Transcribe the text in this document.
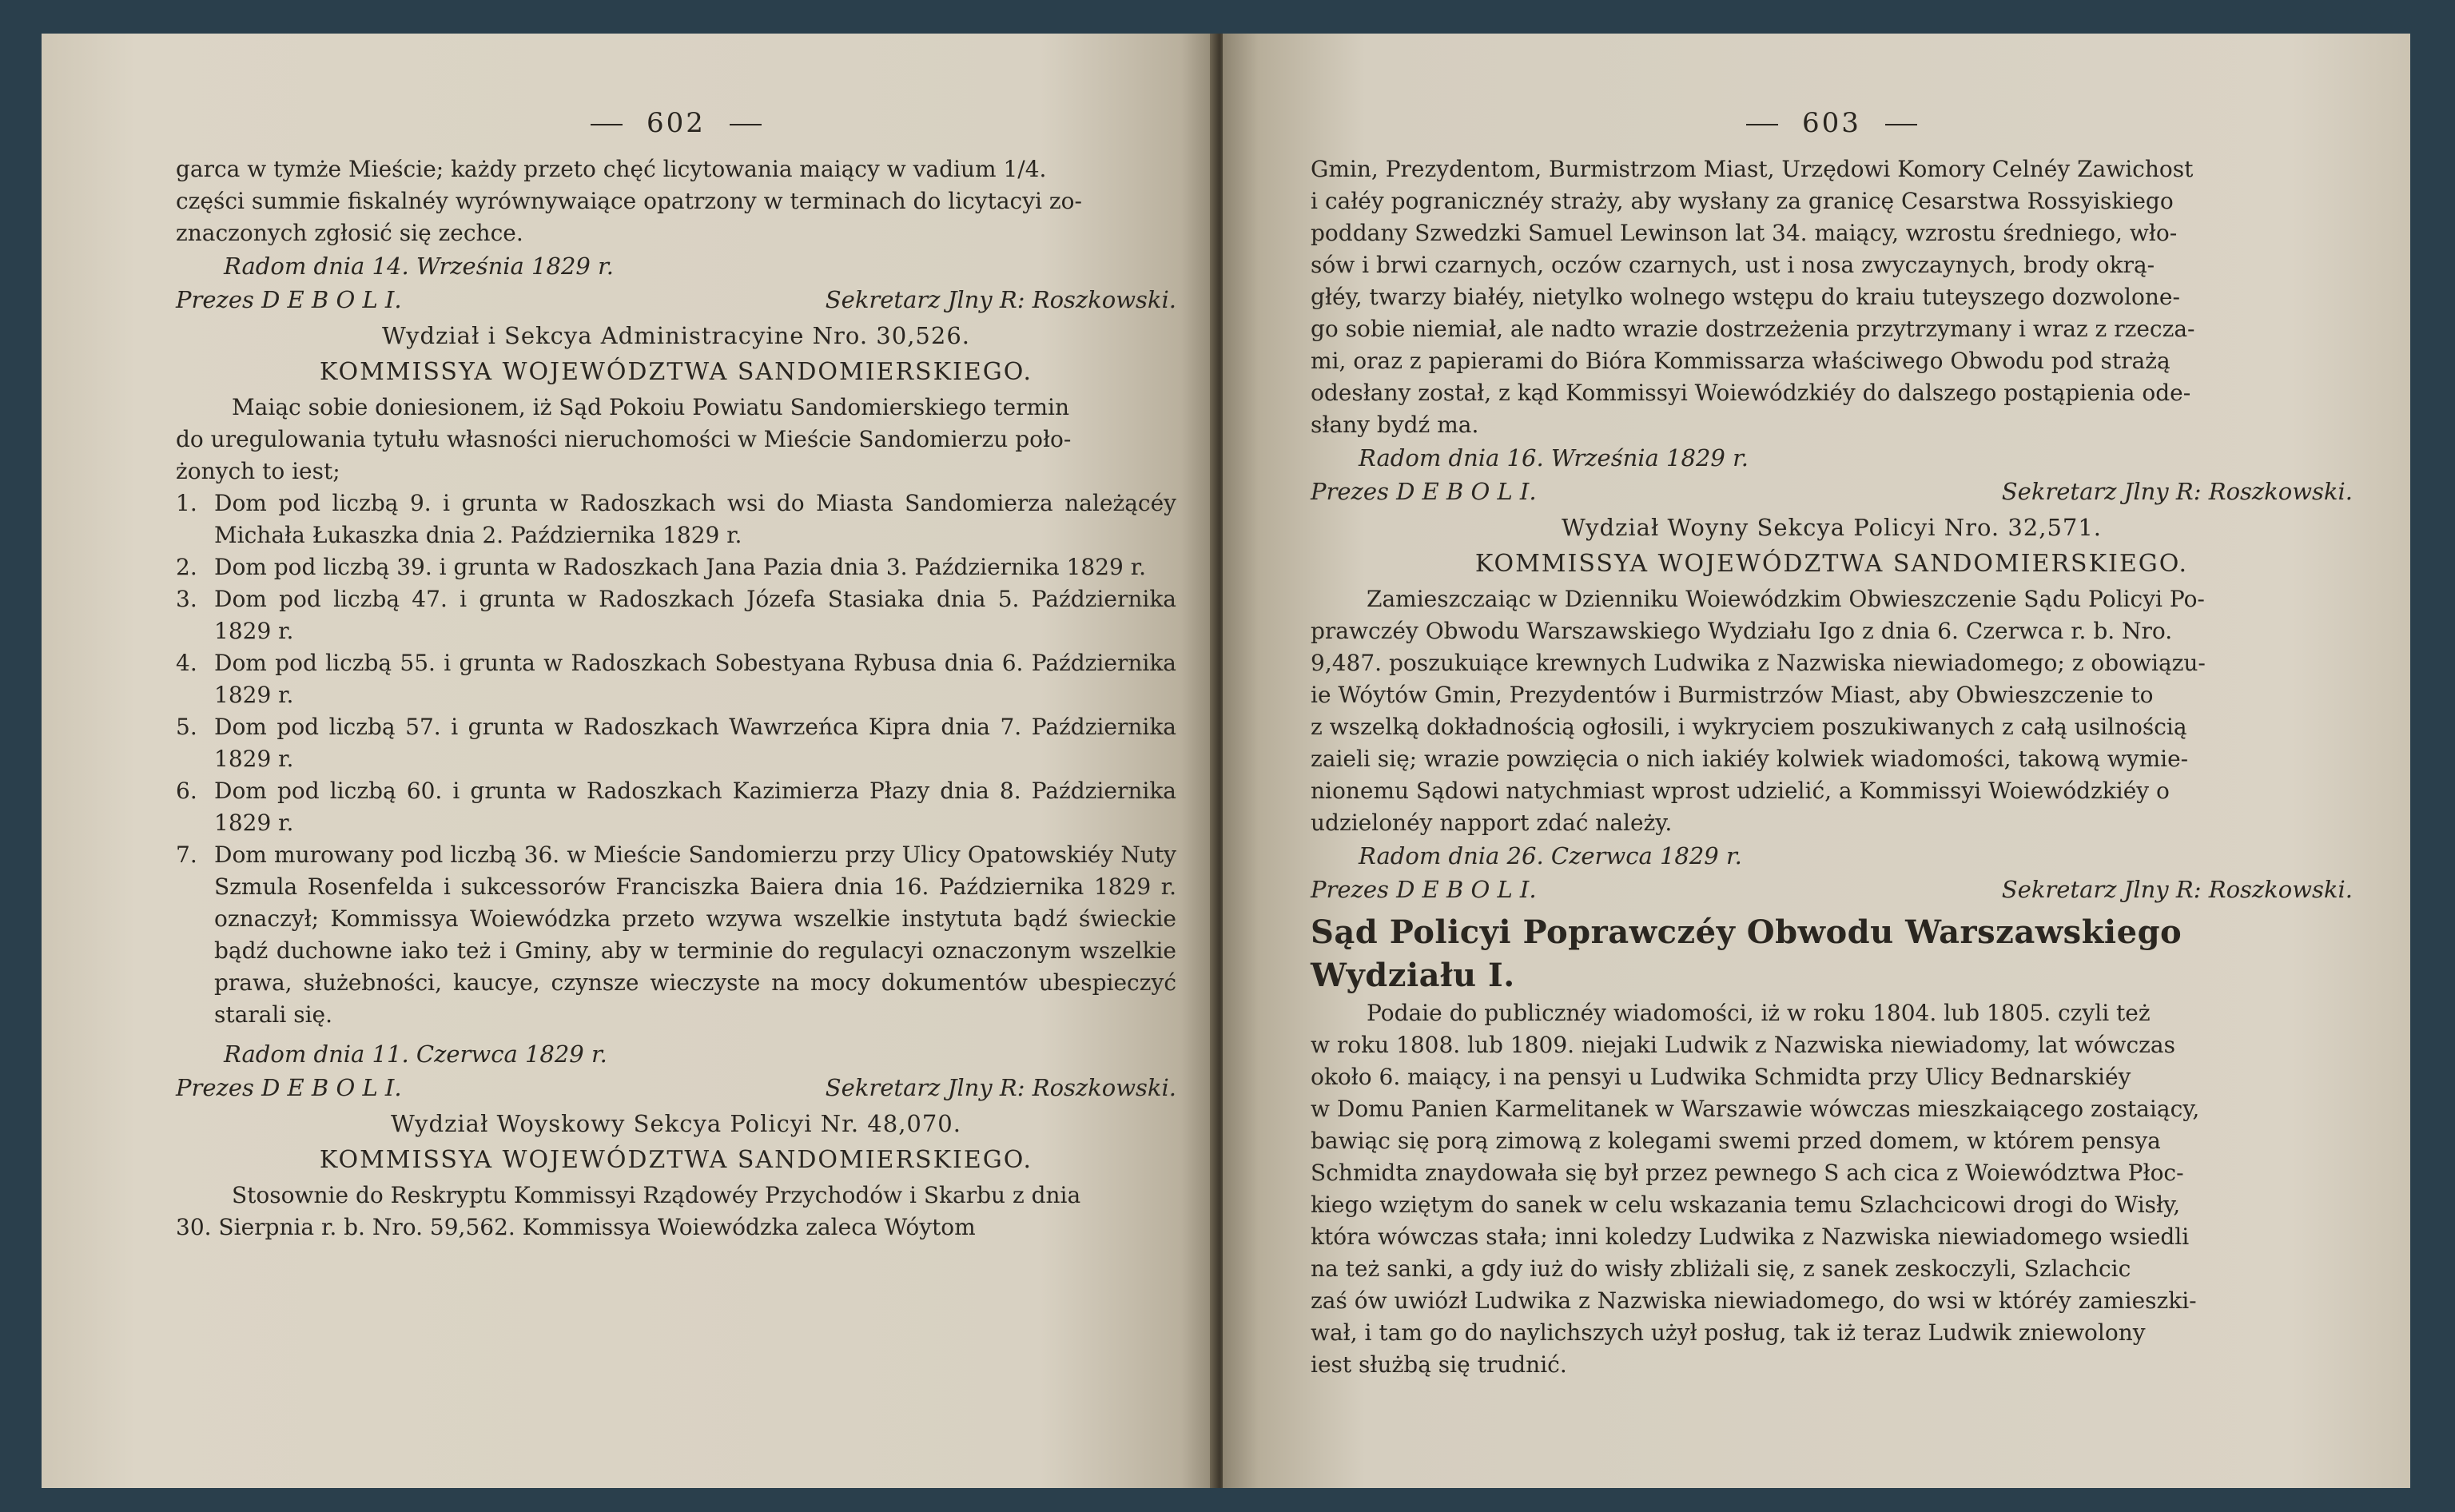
602
garca w tymże Mieście; każdy przeto chęć licytowania maiący w vadium 1/4.
części summie fiskalnéy wyrównywaiące opatrzony w terminach do licytacyi zo-
znaczonych zgłosić się zechce.
Radom dnia 14. Września 1829 r.
Prezes D E B O L I.	Sekretarz Jlny R: Roszkowski.
Wydział i Sekcya Administracyine Nro. 30,526.
KOMMISSYA WOJEWÓDZTWA SANDOMIERSKIEGO.
Maiąc sobie doniesionem, iż Sąd Pokoiu Powiatu Sandomierskiego termin
do uregulowania tytułu własności nieruchomości w Mieście Sandomierzu poło-
żonych to iest;
1. Dom pod liczbą 9. i grunta w Radoszkach wsi do Miasta Sandomierza należącéy Michała Łukaszka dnia 2. Października 1829 r.
2. Dom pod liczbą 39. i grunta w Radoszkach Jana Pazia dnia 3. Października 1829 r.
3. Dom pod liczbą 47. i grunta w Radoszkach Józefa Stasiaka dnia 5. Października 1829 r.
4. Dom pod liczbą 55. i grunta w Radoszkach Sobestyana Rybusa dnia 6. Października 1829 r.
5. Dom pod liczbą 57. i grunta w Radoszkach Wawrzeńca Kipra dnia 7. Października 1829 r.
6. Dom pod liczbą 60. i grunta w Radoszkach Kazimierza Płazy dnia 8. Października 1829 r.
7. Dom murowany pod liczbą 36. w Mieście Sandomierzu przy Ulicy Opatowskiéy Nuty Szmula Rosenfelda i sukcessorów Franciszka Baiera dnia 16. Października 1829 r. oznaczył; Kommissya Woiewódzka przeto wzywa wszelkie instytuta bądź świeckie bądź duchowne iako też i Gminy, aby w terminie do regulacyi oznaczonym wszelkie prawa, służebności, kaucye, czynsze wieczyste na mocy dokumentów ubespieczyć starali się.
Radom dnia 11. Czerwca 1829 r.
Prezes D E B O L I.	Sekretarz Jlny R: Roszkowski.
Wydział Woyskowy Sekcya Policyi Nr. 48,070.
KOMMISSYA WOJEWÓDZTWA SANDOMIERSKIEGO.
Stosownie do Reskryptu Kommissyi Rządowéy Przychodów i Skarbu z dnia
30. Sierpnia r. b. Nro. 59,562. Kommissya Woiewódzka zaleca Wóytom
603
Gmin, Prezydentom, Burmistrzom Miast, Urzędowi Komory Celnéy Zawichost
i całéy pogranicznéy straży, aby wysłany za granicę Cesarstwa Rossyiskiego
poddany Szwedzki Samuel Lewinson lat 34. maiący, wzrostu średniego, wło-
sów i brwi czarnych, oczów czarnych, ust i nosa zwyczaynych, brody okrą-
głéy, twarzy białéy, nietylko wolnego wstępu do kraiu tuteyszego dozwolone-
go sobie niemiał, ale nadto wrazie dostrzeżenia przytrzymany i wraz z rzecza-
mi, oraz z papierami do Bióra Kommissarza właściwego Obwodu pod strażą
odesłany został, z kąd Kommissyi Woiewódzkiéy do dalszego postąpienia ode-
słany bydź ma.
Radom dnia 16. Września 1829 r.
Prezes D E B O L I.	Sekretarz Jlny R: Roszkowski.
Wydział Woyny Sekcya Policyi Nro. 32,571.
KOMMISSYA WOJEWÓDZTWA SANDOMIERSKIEGO.
Zamieszczaiąc w Dzienniku Woiewódzkim Obwieszczenie Sądu Policyi Po-
prawczéy Obwodu Warszawskiego Wydziału Igo z dnia 6. Czerwca r. b. Nro.
9,487. poszukuiące krewnych Ludwika z Nazwiska niewiadomego; z obowiązu-
ie Wóytów Gmin, Prezydentów i Burmistrzów Miast, aby Obwieszczenie to
z wszelką dokładnością ogłosili, i wykryciem poszukiwanych z całą usilnością
zaieli się; wrazie powzięcia o nich iakiéy kolwiek wiadomości, takową wymie-
nionemu Sądowi natychmiast wprost udzielić, a Kommissyi Woiewódzkiéy o
udzielonéy napport zdać należy.
Radom dnia 26. Czerwca 1829 r.
Prezes D E B O L I.	Sekretarz Jlny R: Roszkowski.
Sąd Policyi Poprawczéy Obwodu Warszawskiego Wydziału I.
Podaie do publicznéy wiadomości, iż w roku 1804. lub 1805. czyli też
w roku 1808. lub 1809. niejaki Ludwik z Nazwiska niewiadomy, lat wówczas
około 6. maiący, i na pensyi u Ludwika Schmidta przy Ulicy Bednarskiéy
w Domu Panien Karmelitanek w Warszawie wówczas mieszkaiącego zostaiący,
bawiąc się porą zimową z kolegami swemi przed domem, w którem pensya
Schmidta znaydowała się był przez pewnego S ach cica z Woiewództwa Płoc-
kiego wziętym do sanek w celu wskazania temu Szlachcicowi drogi do Wisły,
która wówczas stała; inni koledzy Ludwika z Nazwiska niewiadomego wsiedli
na też sanki, a gdy iuż do wisły zbliżali się, z sanek zeskoczyli, Szlachcic
zaś ów uwiózł Ludwika z Nazwiska niewiadomego, do wsi w któréy zamieszki-
wał, i tam go do naylichszych użył posług, tak iż teraz Ludwik zniewolony
iest służbą się trudnić.
